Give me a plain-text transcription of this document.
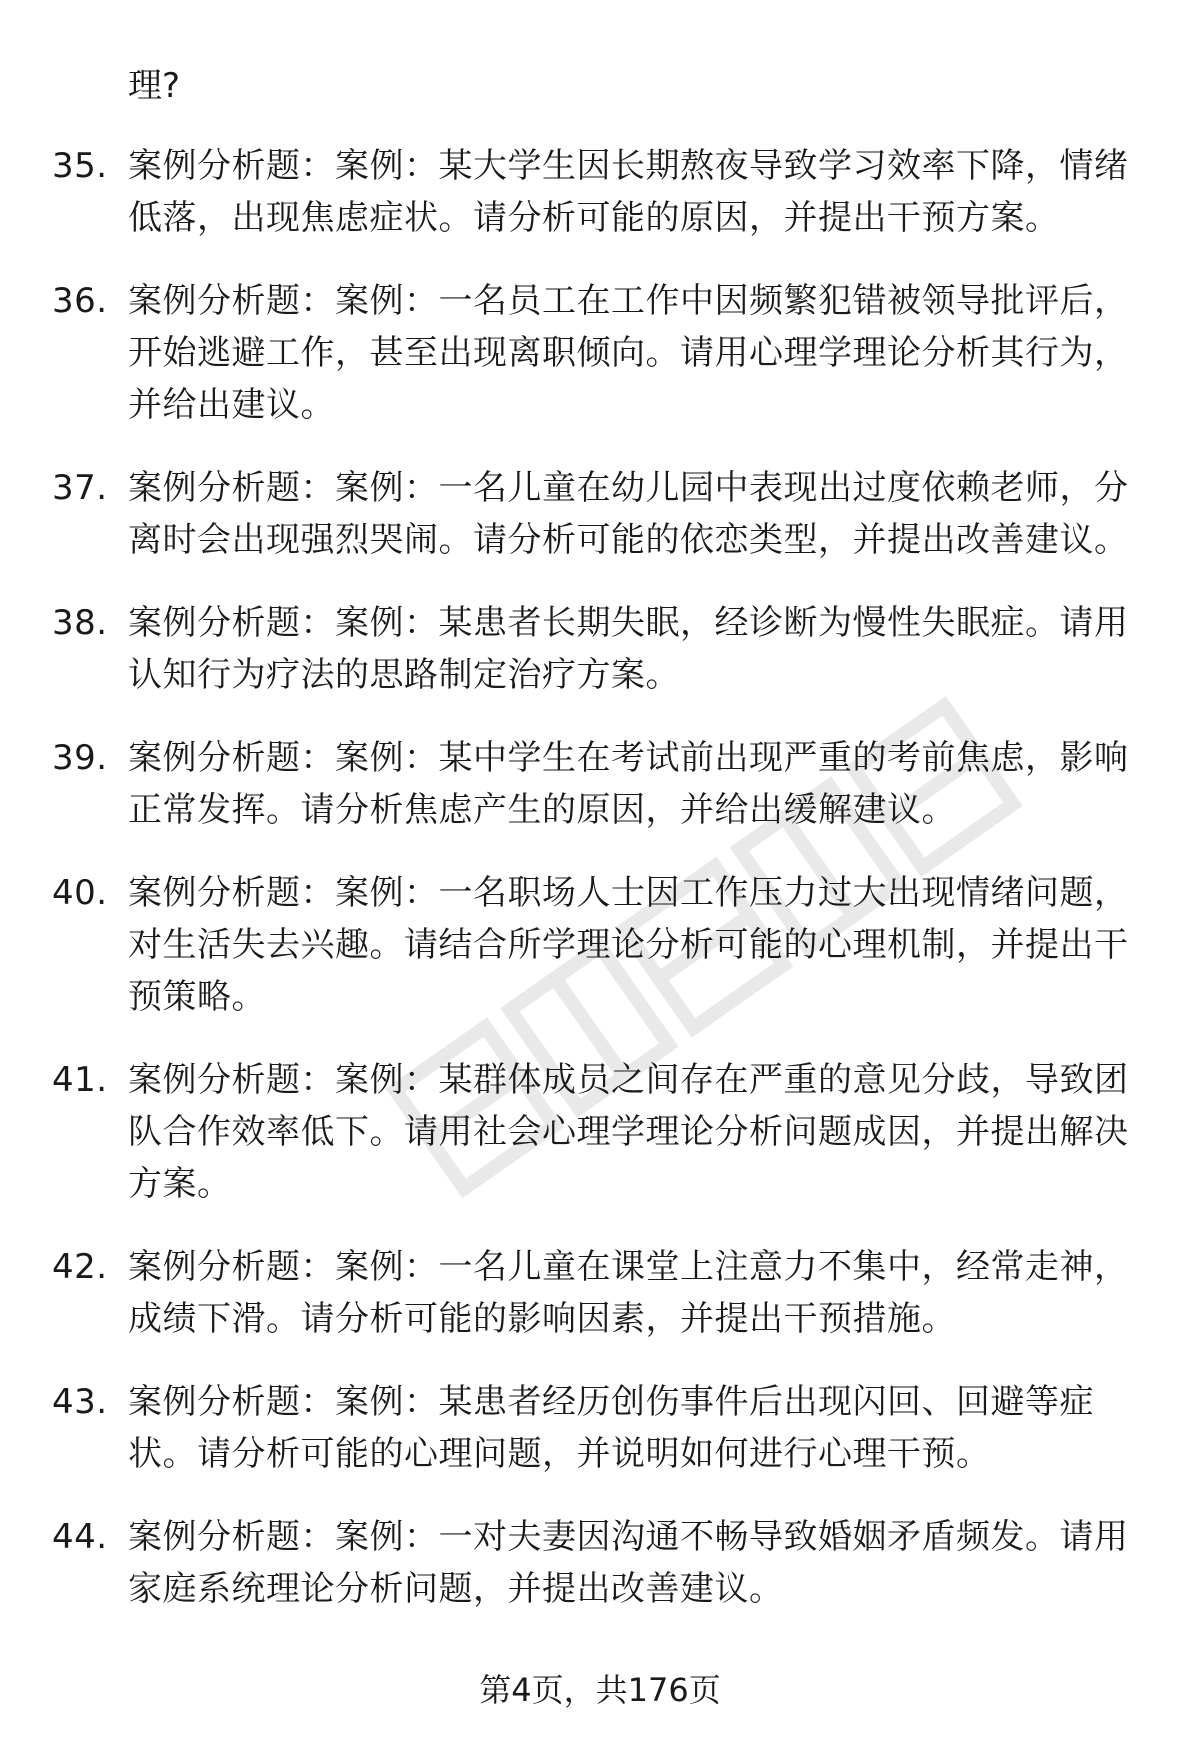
理?
35. 案例分析题：案例：某大学生因长期熬夜导致学习效率下降，情绪低落，出现焦虑症状。请分析可能的原因，并提出干预方案。
36. 案例分析题：案例：一名员工在工作中因频繁犯错被领导批评后，开始逃避工作，甚至出现离职倾向。请用心理学理论分析其行为，并给出建议。
37. 案例分析题：案例：一名儿童在幼儿园中表现出过度依赖老师，分离时会出现强烈哭闹。请分析可能的依恋类型，并提出改善建议。
38. 案例分析题：案例：某患者长期失眠，经诊断为慢性失眠症。请用认知行为疗法的思路制定治疗方案。
39. 案例分析题：案例：某中学生在考试前出现严重的考前焦虑，影响正常发挥。请分析焦虑产生的原因，并给出缓解建议。
40. 案例分析题：案例：一名职场人士因工作压力过大出现情绪问题，对生活失去兴趣。请结合所学理论分析可能的心理机制，并提出干预策略。
41. 案例分析题：案例：某群体成员之间存在严重的意见分歧，导致团队合作效率低下。请用社会心理学理论分析问题成因，并提出解决方案。
42. 案例分析题：案例：一名儿童在课堂上注意力不集中，经常走神，成绩下滑。请分析可能的影响因素，并提出干预措施。
43. 案例分析题：案例：某患者经历创伤事件后出现闪回、回避等症状。请分析可能的心理问题，并说明如何进行心理干预。
44. 案例分析题：案例：一对夫妻因沟通不畅导致婚姻矛盾频发。请用家庭系统理论分析问题，并提出改善建议。
第4页，共176页
